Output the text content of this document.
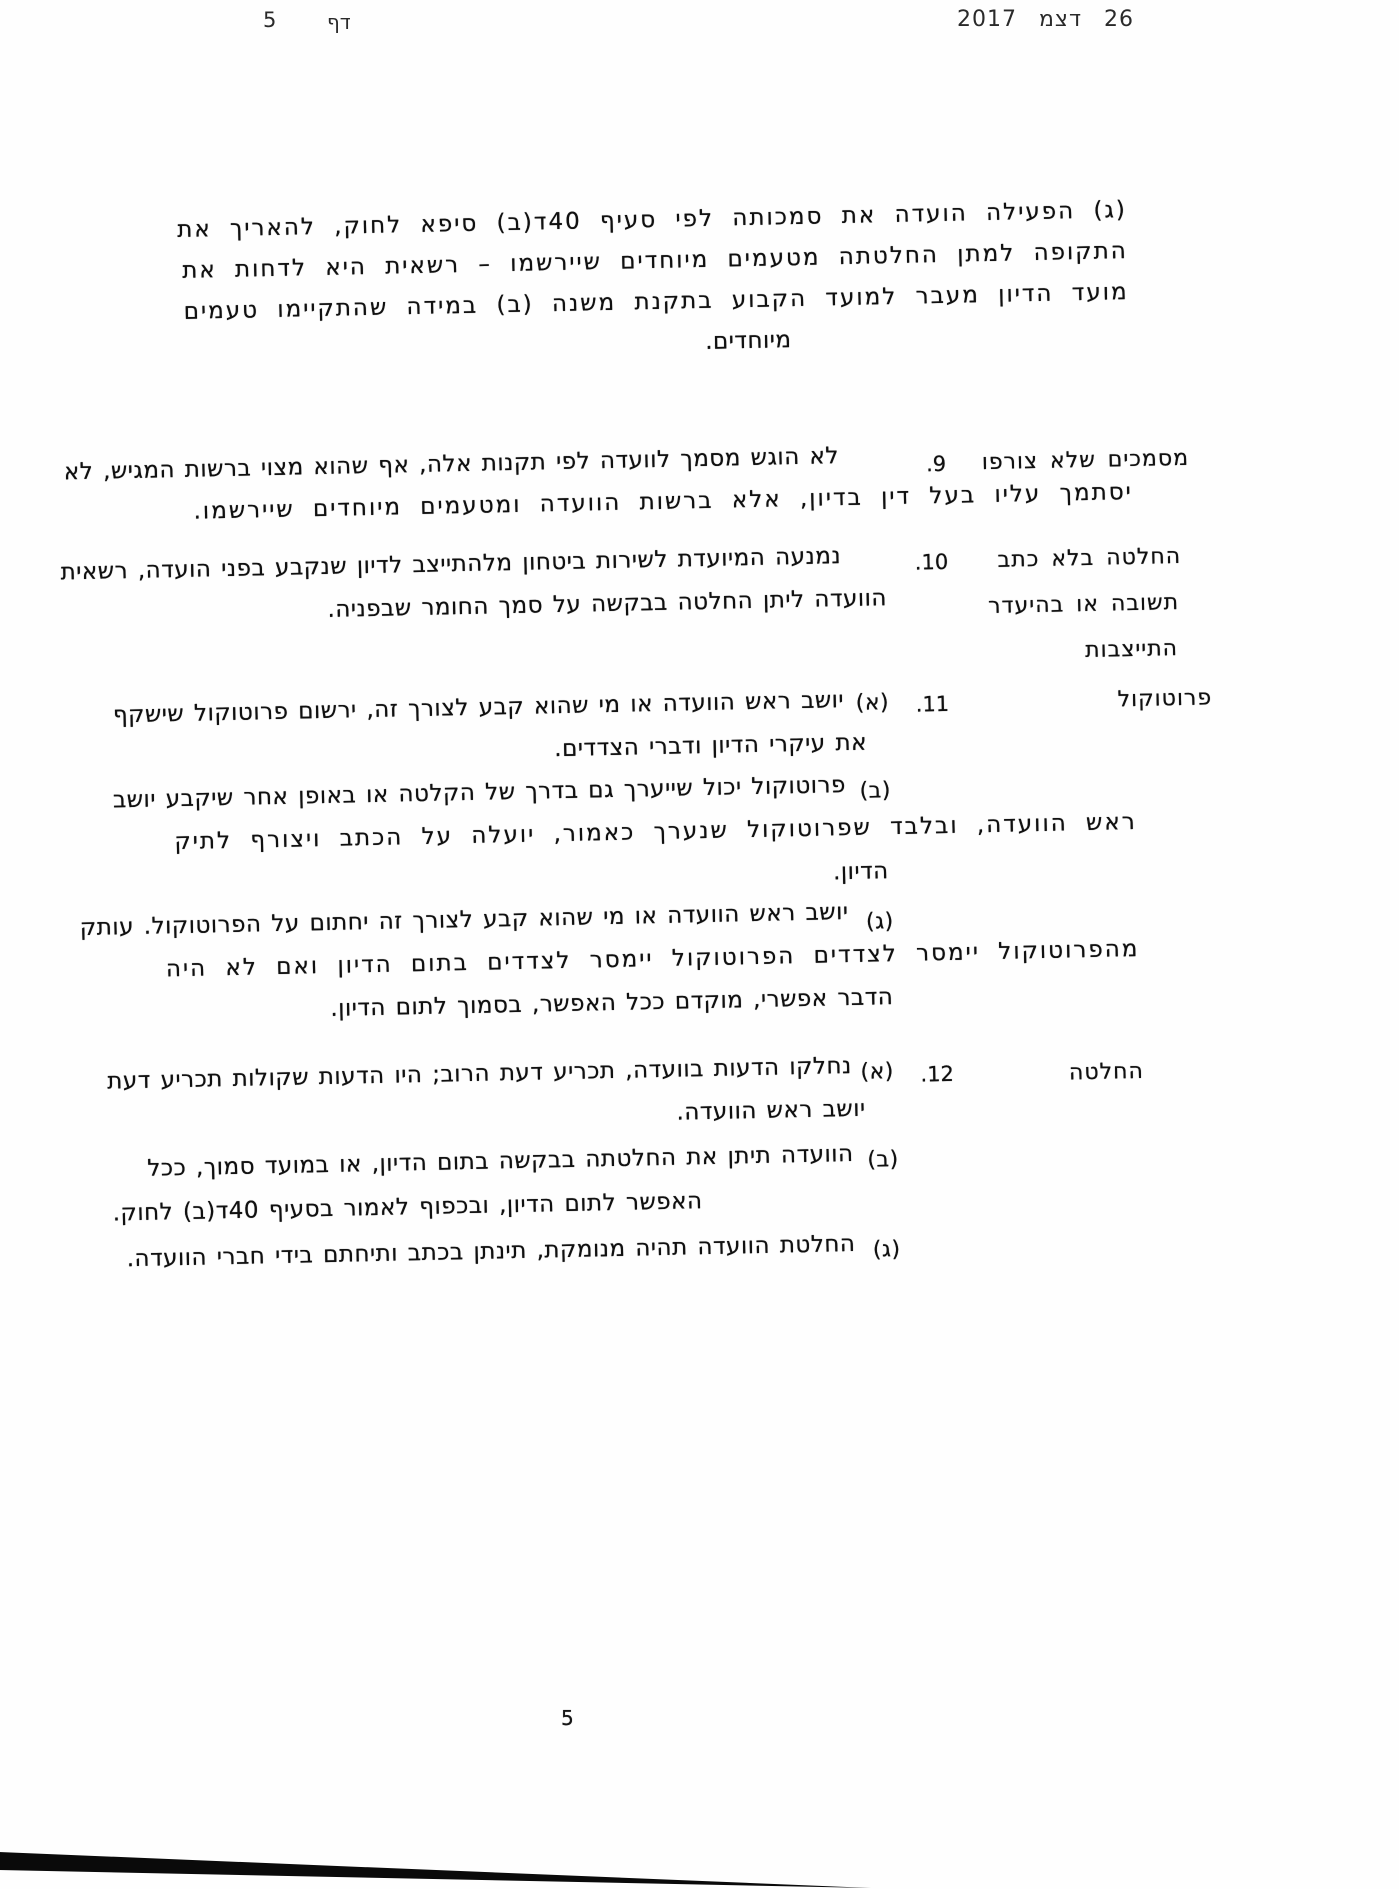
5	דף	26 דצמ 2017
(ג) הפעילה הועדה את סמכותה לפי סעיף 40ד(ב) סיפא לחוק, להאריך את
התקופה למתן החלטתה מטעמים מיוחדים שיירשמו – רשאית היא לדחות את
מועד הדיון מעבר למועד הקבוע בתקנת משנה (ב) במידה שהתקיימו טעמים
מיוחדים.
מסמכים שלא צורפו
9.
לא הוגש מסמך לוועדה לפי תקנות אלה, אף שהוא מצוי ברשות המגיש, לא
יסתמך עליו בעל דין בדיון, אלא ברשות הוועדה ומטעמים מיוחדים שיירשמו.
החלטה בלא כתב
תשובה או בהיעדר
התייצבות
10.
נמנעה המיועדת לשירות ביטחון מלהתייצב לדיון שנקבע בפני הועדה, רשאית
הוועדה ליתן החלטה בבקשה על סמך החומר שבפניה.
פרוטוקול
11.
(א)
יושב ראש הוועדה או מי שהוא קבע לצורך זה, ירשום פרוטוקול שישקף
את עיקרי הדיון ודברי הצדדים.
(ב)
פרוטוקול יכול שייערך גם בדרך של הקלטה או באופן אחר שיקבע יושב
ראש הוועדה, ובלבד שפרוטוקול שנערך כאמור, יועלה על הכתב ויצורף לתיק
הדיון.
(ג)
יושב ראש הוועדה או מי שהוא קבע לצורך זה יחתום על הפרוטוקול. עותק
מהפרוטוקול יימסר לצדדים הפרוטוקול יימסר לצדדים בתום הדיון ואם לא היה
הדבר אפשרי, מוקדם ככל האפשר, בסמוך לתום הדיון.
החלטה
12.
(א)
נחלקו הדעות בוועדה, תכריע דעת הרוב; היו הדעות שקולות תכריע דעת
יושב ראש הוועדה.
(ב)
הוועדה תיתן את החלטתה בבקשה בתום הדיון, או במועד סמוך, ככל
האפשר לתום הדיון, ובכפוף לאמור בסעיף 40ד(ב) לחוק.
(ג)
החלטת הוועדה תהיה מנומקת, תינתן בכתב ותיחתם בידי חברי הוועדה.
5
